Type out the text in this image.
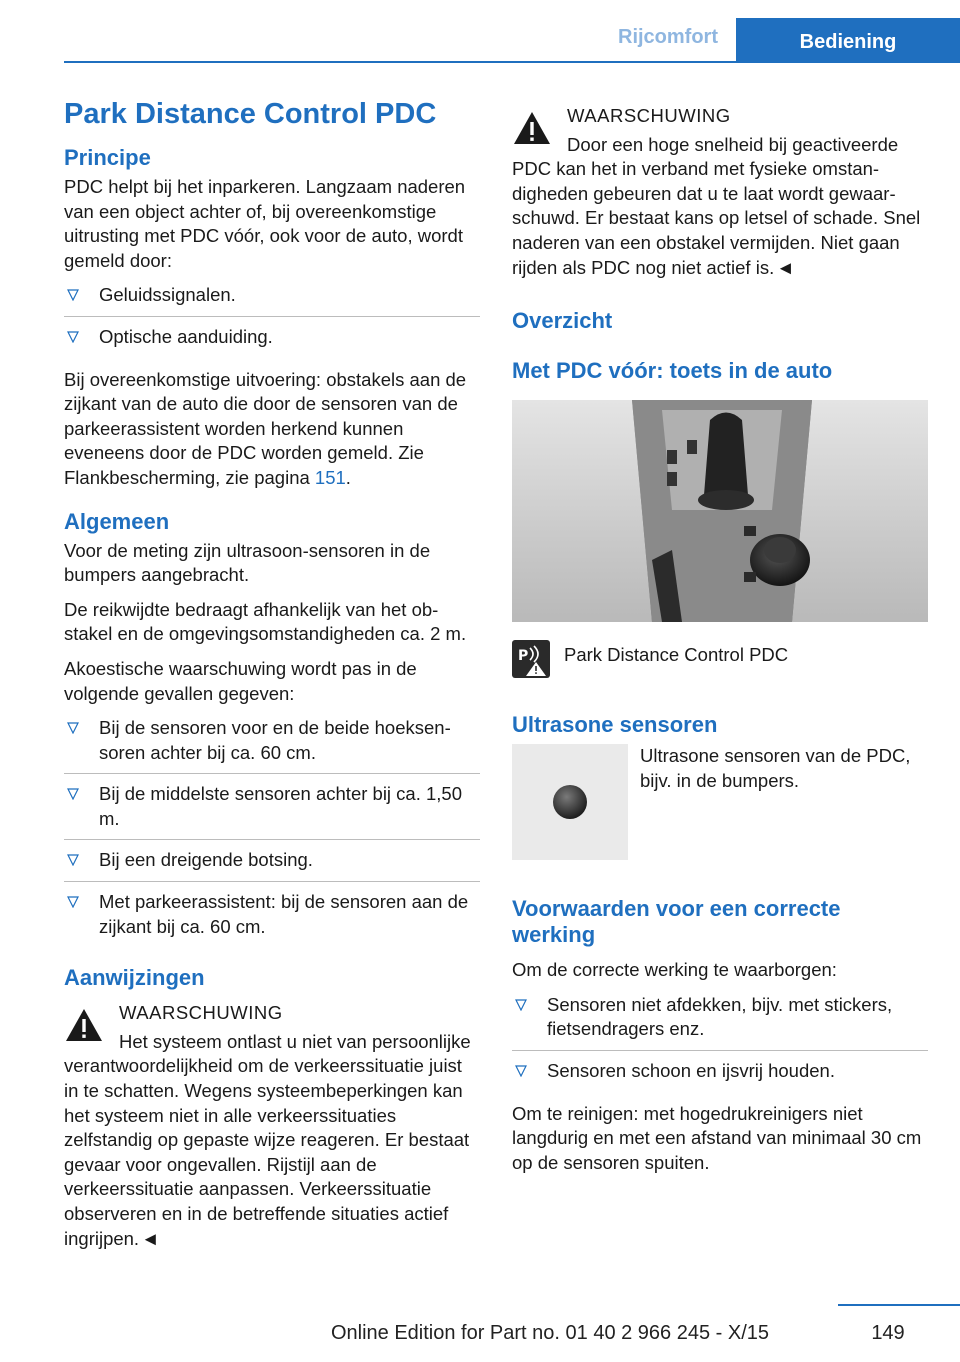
Rijcomfort	Bediening
Park Distance Control PDC
Principe

PDC helpt bij het inparkeren. Langzaam naderen van een object achter of, bij overeenkomstige uitrusting met PDC vóór, ook voor de auto, wordt gemeld door:

Geluidssignalen.
Optische aanduiding.

Bij overeenkomstige uitvoering: obstakels aan de zijkant van de auto die door de sensoren van de parkeerassistent worden herkend kunnen eveneens door de PDC worden gemeld. Zie Flankbescherming, zie pagina 151.

Algemeen

Voor de meting zijn ultrasoon-sensoren in de bumpers aangebracht.

De reikwijdte bedraagt afhankelijk van het obstakel en de omgevingsomstandigheden ca. 2 m.

Akoestische waarschuwing wordt pas in de volgende gevallen gegeven:

Bij de sensoren voor en de beide hoeksensoren achter bij ca. 60 cm.
Bij de middelste sensoren achter bij ca. 1,50 m.
Bij een dreigende botsing.
Met parkeerassistent: bij de sensoren aan de zijkant bij ca. 60 cm.
Aanwijzingen
WAARSCHUWING
Het systeem ontlast u niet van persoonlijke verantwoordelijkheid om de verkeerssituatie juist in te schatten. Wegens systeembeperkingen kan het systeem niet in alle verkeerssituaties zelfstandig op gepaste wijze reageren. Er bestaat gevaar voor ongevallen. Rijstijl aan de verkeerssituatie aanpassen. Verkeerssituatie observeren en in de betreffende situaties actief ingrijpen. ◄
WAARSCHUWING
Door een hoge snelheid bij geactiveerde PDC kan het in verband met fysieke omstandigheden gebeuren dat u te laat wordt gewaarschuwd. Er bestaat kans op letsel of schade. Snel naderen van een obstakel vermijden. Niet gaan rijden als PDC nog niet actief is. ◄
Overzicht
Met PDC vóór: toets in de auto
P Park Distance Control PDC
Ultrasone sensoren
Ultrasone sensoren van de PDC, bijv. in de bumpers.
Voorwaarden voor een correcte werking

Om de correcte werking te waarborgen:

Sensoren niet afdekken, bijv. met stickers, fietsendragers enz.
Sensoren schoon en ijsvrij houden.

Om te reinigen: met hogedrukreinigers niet langdurig en met een afstand van minimaal 30 cm op de sensoren spuiten.

149
Online Edition for Part no. 01 40 2 966 245 - X/15
